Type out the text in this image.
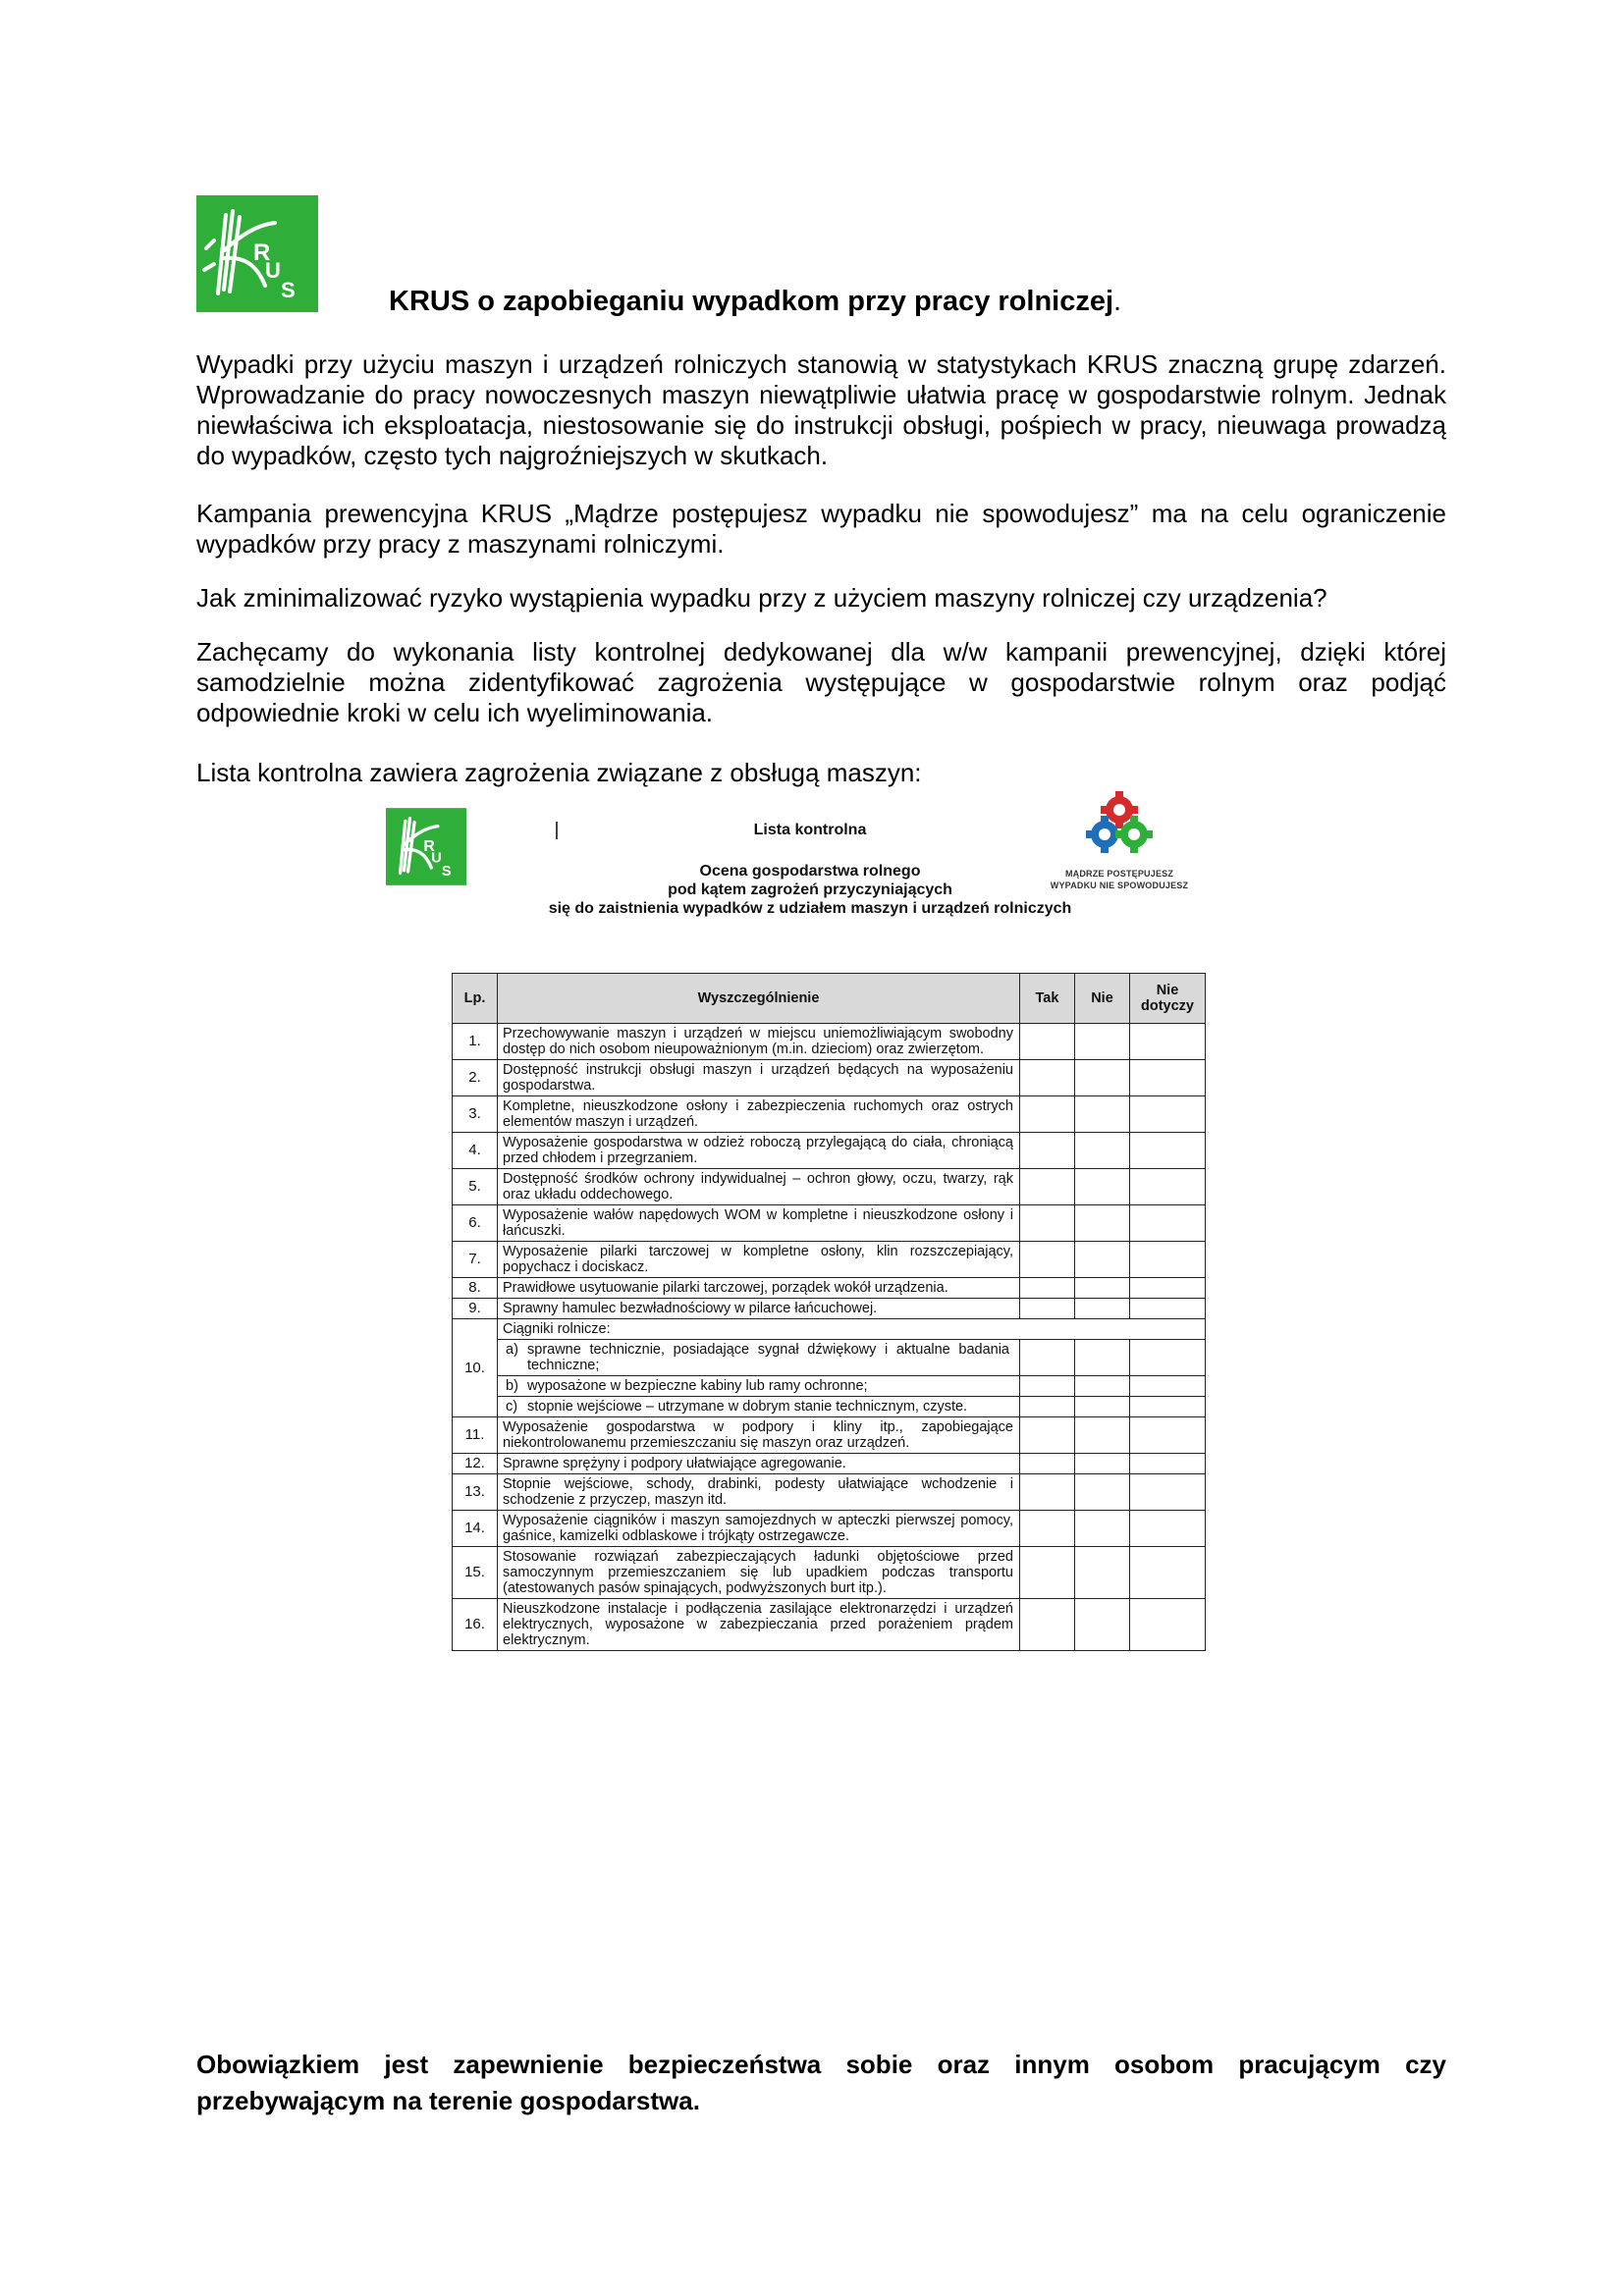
R
U
S	KRUS o zapobieganiu wypadkom przy pracy rolniczej.

Wypadki przy użyciu maszyn i urządzeń rolniczych stanowią w statystykach KRUS znaczną grupę zdarzeń. Wprowadzanie do pracy nowoczesnych maszyn niewątpliwie ułatwia pracę w gospodarstwie rolnym. Jednak niewłaściwa ich eksploatacja, niestosowanie się do instrukcji obsługi, pośpiech w pracy, nieuwaga prowadzą do wypadków, często tych najgroźniejszych w skutkach.

Kampania prewencyjna KRUS „Mądrze postępujesz wypadku nie spowodujesz” ma na celu ograniczenie wypadków przy pracy z maszynami rolniczymi.

Jak zminimalizować ryzyko wystąpienia wypadku przy z użyciem maszyny rolniczej czy urządzenia?

Zachęcamy do wykonania listy kontrolnej dedykowanej dla w/w kampanii prewencyjnej, dzięki której samodzielnie można zidentyfikować zagrożenia występujące w gospodarstwie rolnym oraz podjąć odpowiednie kroki w celu ich wyeliminowania.

Lista kontrolna zawiera zagrożenia związane z obsługą maszyn:

R
U
S
Lista kontrolna
Ocena gospodarstwa rolnego
pod kątem zagrożeń przyczyniających
się do zaistnienia wypadków z udziałem maszyn i urządzeń rolniczych
MĄDRZE POSTĘPUJESZ
WYPADKU NIE SPOWODUJESZ
Lp.	Wyszczególnienie	Tak	Nie	Nie dotyczy
1.	Przechowywanie maszyn i urządzeń w miejscu uniemożliwiającym swobodny dostęp do nich osobom nieupoważnionym (m.in. dzieciom) oraz zwierzętom.			
2.	Dostępność instrukcji obsługi maszyn i urządzeń będących na wyposażeniu gospodarstwa.			
3.	Kompletne, nieuszkodzone osłony i zabezpieczenia ruchomych oraz ostrych elementów maszyn i urządzeń.			
4.	Wyposażenie gospodarstwa w odzież roboczą przylegającą do ciała, chroniącą przed chłodem i przegrzaniem.			
5.	Dostępność środków ochrony indywidualnej – ochron głowy, oczu, twarzy, rąk oraz układu oddechowego.			
6.	Wyposażenie wałów napędowych WOM w kompletne i nieuszkodzone osłony i łańcuszki.			
7.	Wyposażenie pilarki tarczowej w kompletne osłony, klin rozszczepiający, popychacz i dociskacz.			
8.	Prawidłowe usytuowanie pilarki tarczowej, porządek wokół urządzenia.			
9.	Sprawny hamulec bezwładnościowy w pilarce łańcuchowej.			
10.	Ciągniki rolnicze:			
	a) sprawne technicznie, posiadające sygnał dźwiękowy i aktualne badania techniczne;			
	b) wyposażone w bezpieczne kabiny lub ramy ochronne;			
	c) stopnie wejściowe – utrzymane w dobrym stanie technicznym, czyste.			
11.	Wyposażenie gospodarstwa w podpory i kliny itp., zapobiegające niekontrolowanemu przemieszczaniu się maszyn oraz urządzeń.			
12.	Sprawne sprężyny i podpory ułatwiające agregowanie.			
13.	Stopnie wejściowe, schody, drabinki, podesty ułatwiające wchodzenie i schodzenie z przyczep, maszyn itd.			
14.	Wyposażenie ciągników i maszyn samojezdnych w apteczki pierwszej pomocy, gaśnice, kamizelki odblaskowe i trójkąty ostrzegawcze.			
15.	Stosowanie rozwiązań zabezpieczających ładunki objętościowe przed samoczynnym przemieszczaniem się lub upadkiem podczas transportu (atestowanych pasów spinających, podwyższonych burt itp.).			
16.	Nieuszkodzone instalacje i podłączenia zasilające elektronarzędzi i urządzeń elektrycznych, wyposażone w zabezpieczania przed porażeniem prądem elektrycznym.			

Obowiązkiem jest zapewnienie bezpieczeństwa sobie oraz innym osobom pracującym czy przebywającym na terenie gospodarstwa.
